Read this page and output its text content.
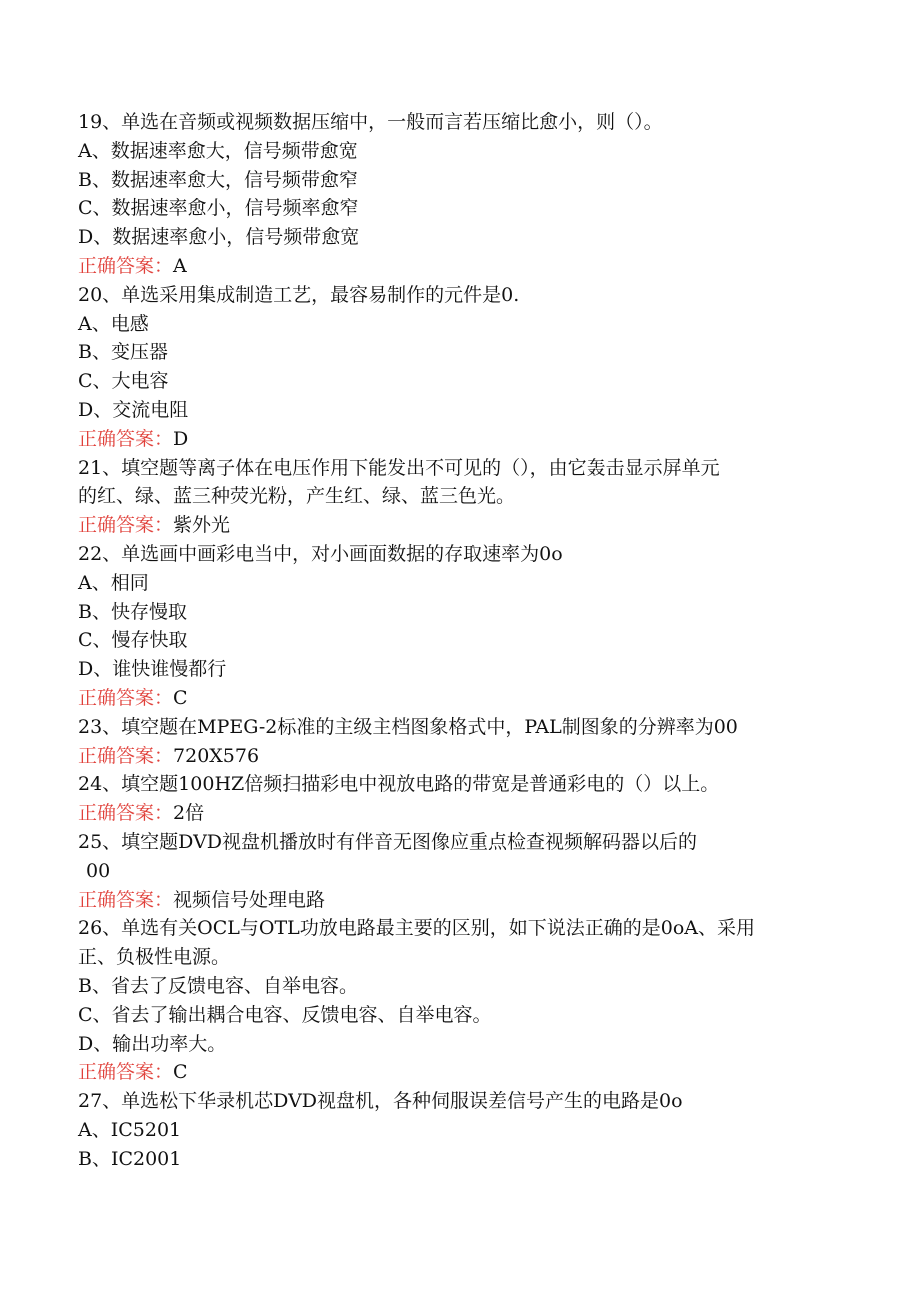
19、单选在音频或视频数据压缩中，一般而言若压缩比愈小，则（）。
A、数据速率愈大，信号频带愈宽
B、数据速率愈大，信号频带愈窄
C、数据速率愈小，信号频率愈窄
D、数据速率愈小，信号频带愈宽
正确答案：A
20、单选采用集成制造工艺，最容易制作的元件是0.
A、电感
B、变压器
C、大电容
D、交流电阻
正确答案：D
21、填空题等离子体在电压作用下能发出不可见的（），由它轰击显示屏单元
的红、绿、蓝三种荧光粉，产生红、绿、蓝三色光。
正确答案：紫外光
22、单选画中画彩电当中，对小画面数据的存取速率为0o
A、相同
B、快存慢取
C、慢存快取
D、谁快谁慢都行
正确答案：C
23、填空题在MPEG-2标准的主级主档图象格式中，PAL制图象的分辨率为00
正确答案：720X576
24、填空题100HZ倍频扫描彩电中视放电路的带宽是普通彩电的（）以上。
正确答案：2倍
25、填空题DVD视盘机播放时有伴音无图像应重点检查视频解码器以后的
00
正确答案：视频信号处理电路
26、单选有关OCL与OTL功放电路最主要的区别，如下说法正确的是0oA、采用
正、负极性电源。
B、省去了反馈电容、自举电容。
C、省去了输出耦合电容、反馈电容、自举电容。
D、输出功率大。
正确答案：C
27、单选松下华录机芯DVD视盘机，各种伺服误差信号产生的电路是0o
A、IC5201
B、IC2001
